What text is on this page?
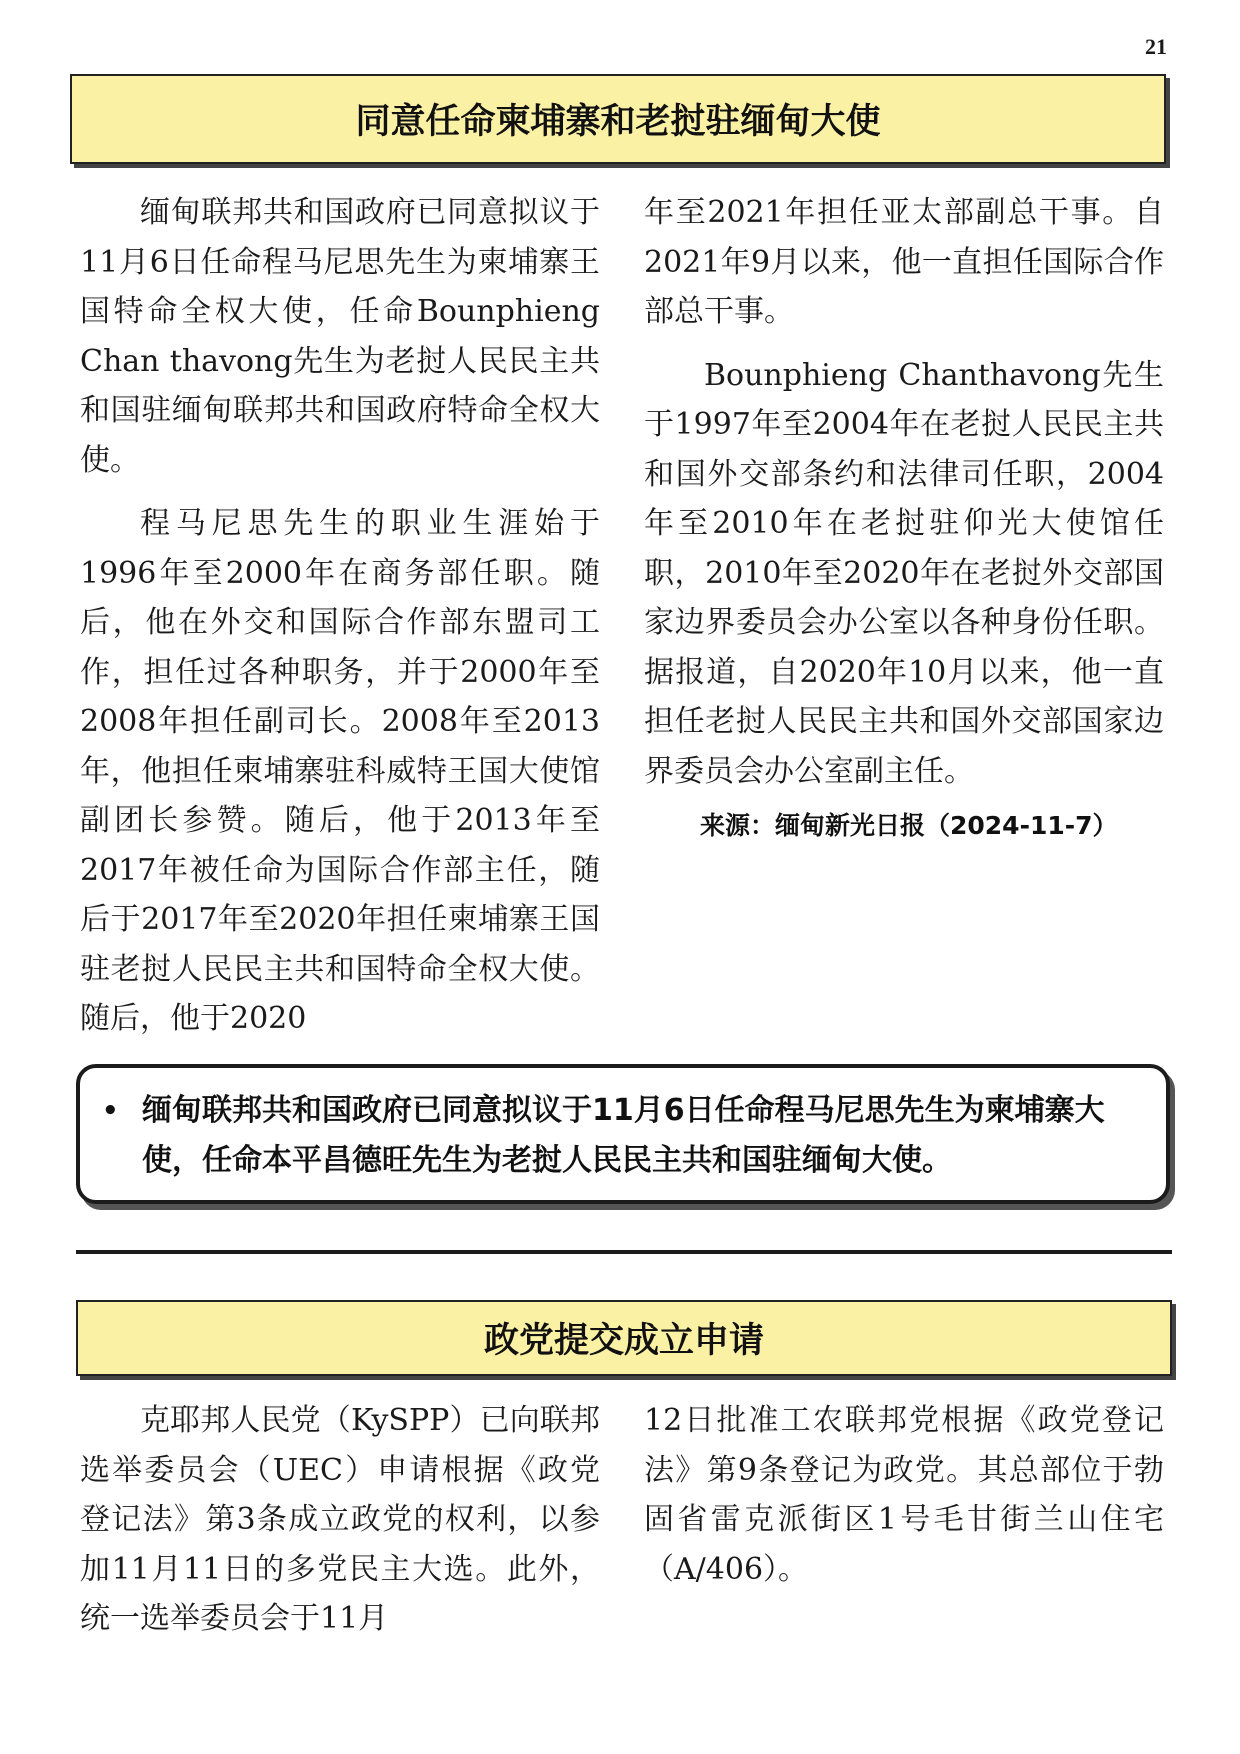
21
同意任命柬埔寨和老挝驻缅甸大使

缅甸联邦共和国政府已同意拟议于11月6日任命程马尼思先生为柬埔寨王国特命全权大使，任命Bounphieng Chan thavong先生为老挝人民民主共和国驻缅甸联邦共和国政府特命全权大使。

程马尼思先生的职业生涯始于1996年至2000年在商务部任职。随后，他在外交和国际合作部东盟司工作，担任过各种职务，并于2000年至2008年担任副司长。2008年至2013年，他担任柬埔寨驻科威特王国大使馆副团长参赞。随后，他于2013年至2017年被任命为国际合作部主任，随后于2017年至2020年担任柬埔寨王国驻老挝人民民主共和国特命全权大使。随后，他于2020

年至2021年担任亚太部副总干事。自2021年9月以来，他一直担任国际合作部总干事。

Bounphieng Chanthavong先生于1997年至2004年在老挝人民民主共和国外交部条约和法律司任职，2004年至2010年在老挝驻仰光大使馆任职，2010年至2020年在老挝外交部国家边界委员会办公室以各种身份任职。据报道，自2020年10月以来，他一直担任老挝人民民主共和国外交部国家边界委员会办公室副主任。

来源：缅甸新光日报（2024-11-7）
• 缅甸联邦共和国政府已同意拟议于11月6日任命程马尼思先生为柬埔寨大使，任命本平昌德旺先生为老挝人民民主共和国驻缅甸大使。
政党提交成立申请

克耶邦人民党（KySPP）已向联邦选举委员会（UEC）申请根据《政党登记法》第3条成立政党的权利，以参加11月11日的多党民主大选。此外，统一选举委员会于11月

12日批准工农联邦党根据《政党登记法》第9条登记为政党。其总部位于勃固省雷克派街区1号毛甘街兰山住宅（A/406）。
